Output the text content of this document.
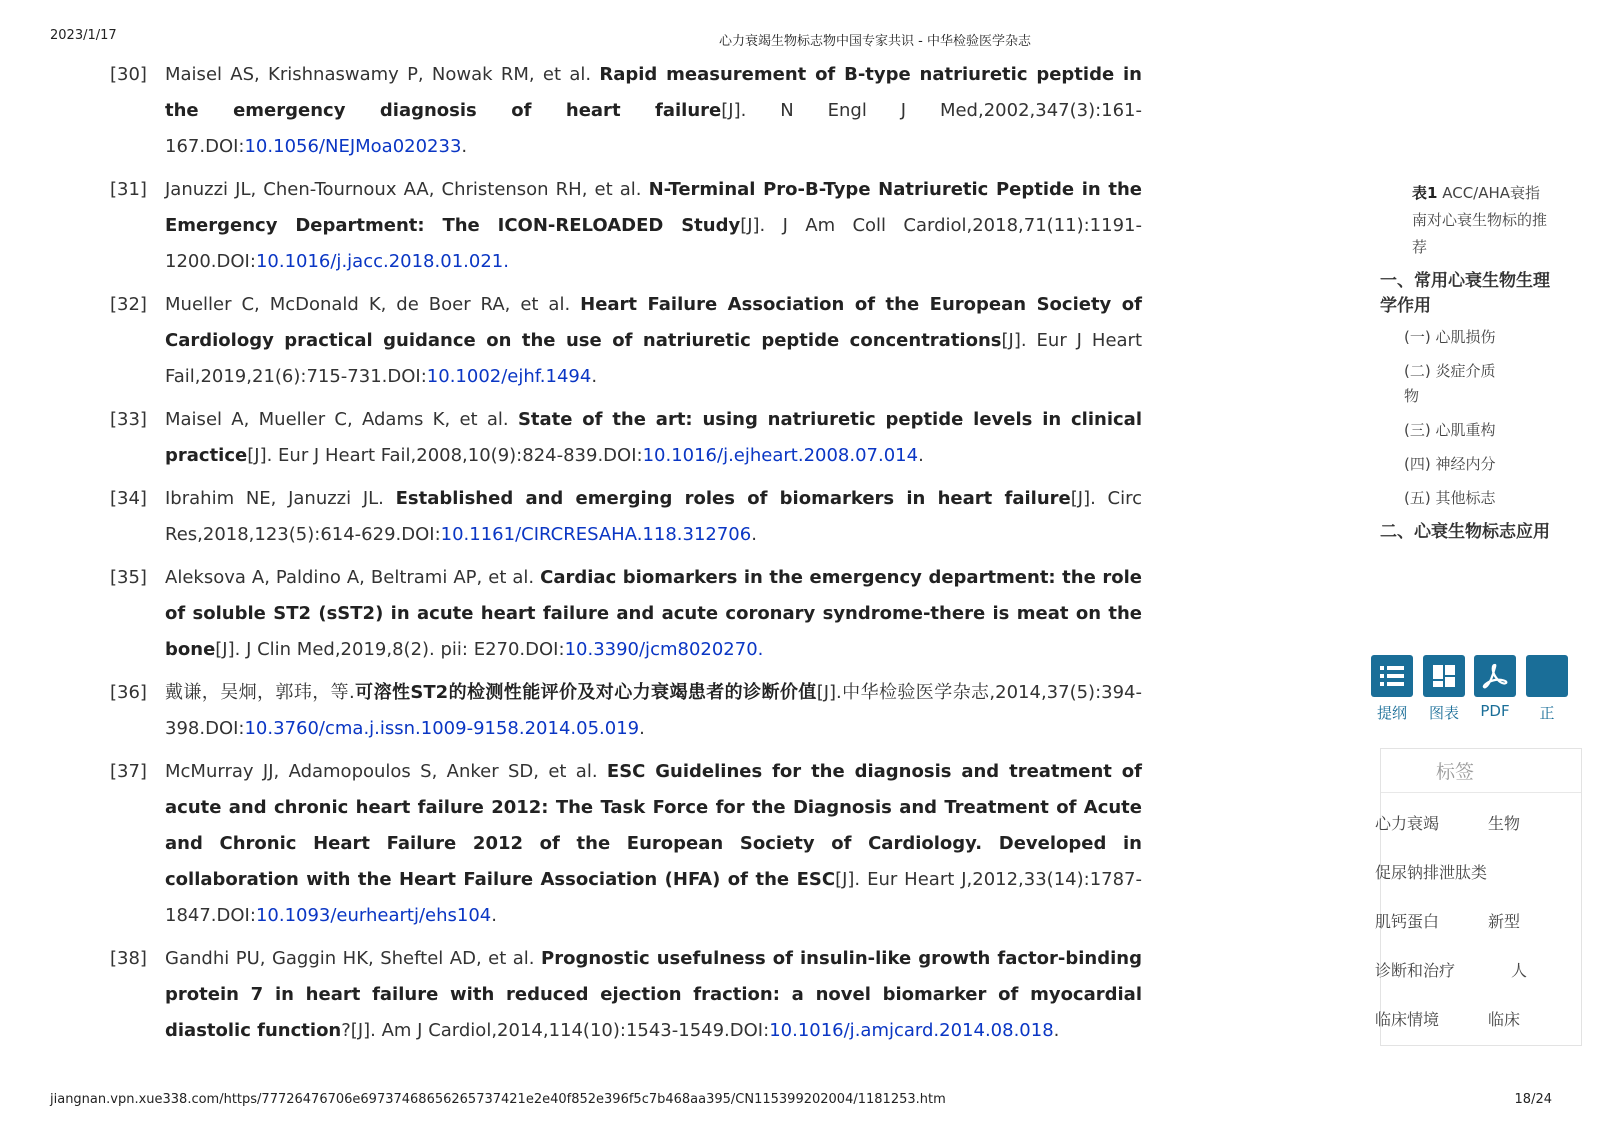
2023/1/17	心力衰竭生物标志物中国专家共识 - 中华检验医学杂志
[30] Maisel AS, Krishnaswamy P, Nowak RM, et al. Rapid measurement of B-type natriuretic peptide in the emergency diagnosis of heart failure[J]. N Engl J Med,2002,347(3):161-167.DOI:10.1056/NEJMoa020233.
[31] Januzzi JL, Chen-Tournoux AA, Christenson RH, et al. N-Terminal Pro-B-Type Natriuretic Peptide in the Emergency Department: The ICON-RELOADED Study[J]. J Am Coll Cardiol,2018,71(11):1191-1200.DOI:10.1016/j.jacc.2018.01.021.
[32] Mueller C, McDonald K, de Boer RA, et al. Heart Failure Association of the European Society of Cardiology practical guidance on the use of natriuretic peptide concentrations[J]. Eur J Heart Fail,2019,21(6):715-731.DOI:10.1002/ejhf.1494.
[33] Maisel A, Mueller C, Adams K, et al. State of the art: using natriuretic peptide levels in clinical practice[J]. Eur J Heart Fail,2008,10(9):824-839.DOI:10.1016/j.ejheart.2008.07.014.
[34] Ibrahim NE, Januzzi JL. Established and emerging roles of biomarkers in heart failure[J]. Circ Res,2018,123(5):614-629.DOI:10.1161/CIRCRESAHA.118.312706.
[35] Aleksova A, Paldino A, Beltrami AP, et al. Cardiac biomarkers in the emergency department: the role of soluble ST2 (sST2) in acute heart failure and acute coronary syndrome-there is meat on the bone[J]. J Clin Med,2019,8(2). pii: E270.DOI:10.3390/jcm8020270.
[36] 戴谦，吴炯，郭玮，等.可溶性ST2的检测性能评价及对心力衰竭患者的诊断价值[J].中华检验医学杂志,2014,37(5):394-398.DOI:10.3760/cma.j.issn.1009-9158.2014.05.019.
[37] McMurray JJ, Adamopoulos S, Anker SD, et al. ESC Guidelines for the diagnosis and treatment of acute and chronic heart failure 2012: The Task Force for the Diagnosis and Treatment of Acute and Chronic Heart Failure 2012 of the European Society of Cardiology. Developed in collaboration with the Heart Failure Association (HFA) of the ESC[J]. Eur Heart J,2012,33(14):1787-1847.DOI:10.1093/eurheartj/ehs104.
[38] Gandhi PU, Gaggin HK, Sheftel AD, et al. Prognostic usefulness of insulin-like growth factor-binding protein 7 in heart failure with reduced ejection fraction: a novel biomarker of myocardial diastolic function?[J]. Am J Cardiol,2014,114(10):1543-1549.DOI:10.1016/j.amjcard.2014.08.018.
表1 ACC/AHA衰指南对心衰生物标的推荐
一、常用心衰生物生理学作用
(一) 心肌损伤
(二) 炎症介质物
(三) 心肌重构
(四) 神经内分
(五) 其他标志
二、心衰生物标志应用
提纲	图表	PDF	正
标签
心力衰竭	生物
促尿钠排泄肽类
肌钙蛋白	新型
诊断和治疗	人
临床情境	临床
jiangnan.vpn.xue338.com/https/77726476706e69737468656265737421e2e40f852e396f5c7b468aa395/CN115399202004/1181253.htm	18/24
